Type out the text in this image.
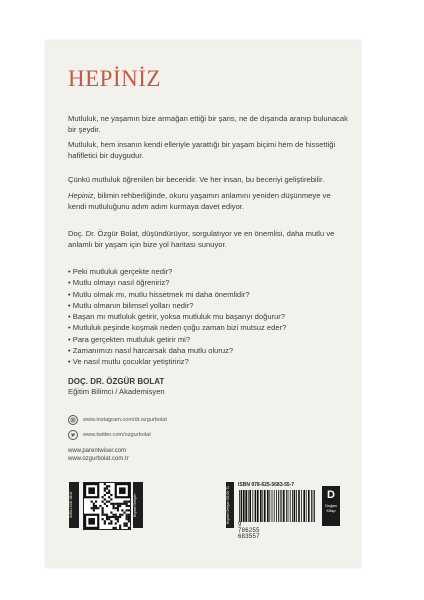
HEPİNİZ
Mutluluk, ne yaşamın bize armağan ettiği bir şans, ne de dışarıda aranıp bulunacak bir şeydir.
Mutluluk, hem insanın kendi elleriyle yarattığı bir yaşam biçimi hem de hissettiği hafifletici bir duygudur.
Çünkü mutluluk öğrenilen bir beceridir. Ve her insan, bu beceriyi geliştirebilir.
Hepiniz, bilimin rehberliğinde, okuru yaşamın anlamını yeniden düşünmeye ve kendi mutluluğunu adım adım kurmaya davet ediyor.
Doç. Dr. Özgür Bolat, düşündürüyor, sorgulatıyor ve en önemlisi, daha mutlu ve anlamlı bir yaşam için bize yol haritası sunuyor.
• Peki mutluluk gerçekte nedir?
• Mutlu olmayı nasıl öğreniriz?
• Mutlu olmak mı, mutlu hissetmek mi daha önemlidir?
• Mutlu olmanın bilimsel yolları nedir?
• Başarı mı mutluluk getirir, yoksa mutluluk mu başarıyı doğurur?
• Mutluluk peşinde koşmak neden çoğu zaman bizi mutsuz eder?
• Para gerçekten mutluluk getirir mi?
• Zamanımızı nasıl harcarsak daha mutlu oluruz?
• Ve nasıl mutlu çocuklar yetiştiririz?
DOÇ. DR. ÖZGÜR BOLAT
Eğitim Bilimci / Akademisyen
www.instagram.com/dr.ozgurbolat
www.twitter.com/ozgurbolat
www.parentwiser.com
www.ozgurbolat.com.tr
İNGİLİZCE OKU	Kişisel Gelişim	Kişisel Gelişim 59,00 TL
ISBN 978-625-5683-55-7
9 786255 683557
D
Doğan Kitap
